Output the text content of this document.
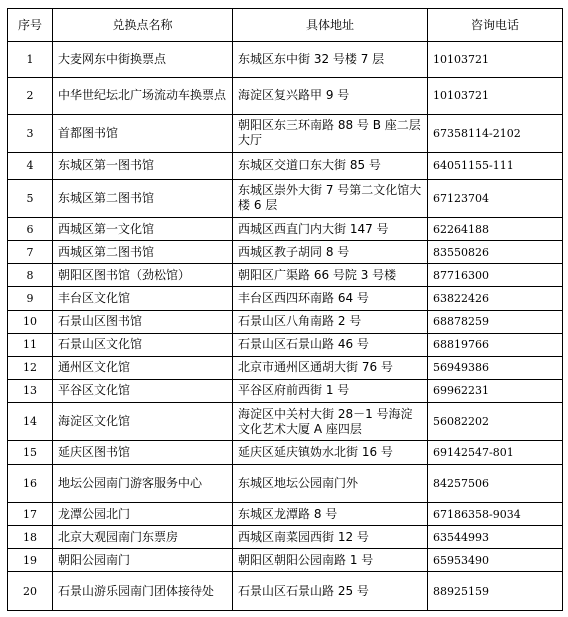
序号	兑换点名称	具体地址	咨询电话
1	大麦网东中街换票点	东城区东中街 32 号楼 7 层	10103721
2	中华世纪坛北广场流动车换票点	海淀区复兴路甲 9 号	10103721
3	首都图书馆	朝阳区东三环南路 88 号 B 座二层大厅	67358114-2102
4	东城区第一图书馆	东城区交道口东大街 85 号	64051155-111
5	东城区第二图书馆	东城区崇外大街 7 号第二文化馆大楼 6 层	67123704
6	西城区第一文化馆	西城区西直门内大街 147 号	62264188
7	西城区第二图书馆	西城区教子胡同 8 号	83550826
8	朝阳区图书馆（劲松馆）	朝阳区广渠路 66 号院 3 号楼	87716300
9	丰台区文化馆	丰台区西四环南路 64 号	63822426
10	石景山区图书馆	石景山区八角南路 2 号	68878259
11	石景山区文化馆	石景山区石景山路 46 号	68819766
12	通州区文化馆	北京市通州区通胡大街 76 号	56949386
13	平谷区文化馆	平谷区府前西街 1 号	69962231
14	海淀区文化馆	海淀区中关村大街 28－1 号海淀文化艺术大厦 A 座四层	56082202
15	延庆区图书馆	延庆区延庆镇妫水北街 16 号	69142547-801
16	地坛公园南门游客服务中心	东城区地坛公园南门外	84257506
17	龙潭公园北门	东城区龙潭路 8 号	67186358-9034
18	北京大观园南门东票房	西城区南菜园西街 12 号	63544993
19	朝阳公园南门	朝阳区朝阳公园南路 1 号	65953490
20	石景山游乐园南门团体接待处	石景山区石景山路 25 号	88925159
